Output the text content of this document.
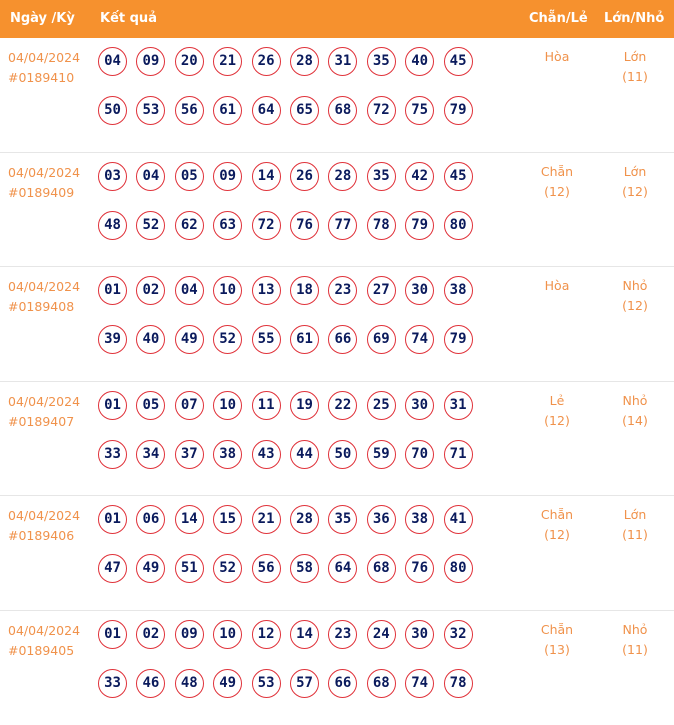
Ngày /Kỳ Kết quả	Chẵn/Lẻ Lớn/Nhỏ
04/04/2024
#0189410
04	09	20	21	26	28	31	35	40	45
50	53	56	61	64	65	68	72	75	79
Hòa	Lớn
(11)
04/04/2024
#0189409
03	04	05	09	14	26	28	35	42	45
48	52	62	63	72	76	77	78	79	80
Chẵn
(12)
Lớn
(12)
04/04/2024
#0189408
01	02	04	10	13	18	23	27	30	38
39	40	49	52	55	61	66	69	74	79
Hòa	Nhỏ
(12)
04/04/2024
#0189407
01	05	07	10	11	19	22	25	30	31
33	34	37	38	43	44	50	59	70	71
Lẻ
(12)
Nhỏ
(14)
04/04/2024
#0189406
01	06	14	15	21	28	35	36	38	41
47	49	51	52	56	58	64	68	76	80
Chẵn
(12)
Lớn
(11)
04/04/2024
#0189405
01	02	09	10	12	14	23	24	30	32
33	46	48	49	53	57	66	68	74	78
Chẵn
(13)
Nhỏ
(11)
